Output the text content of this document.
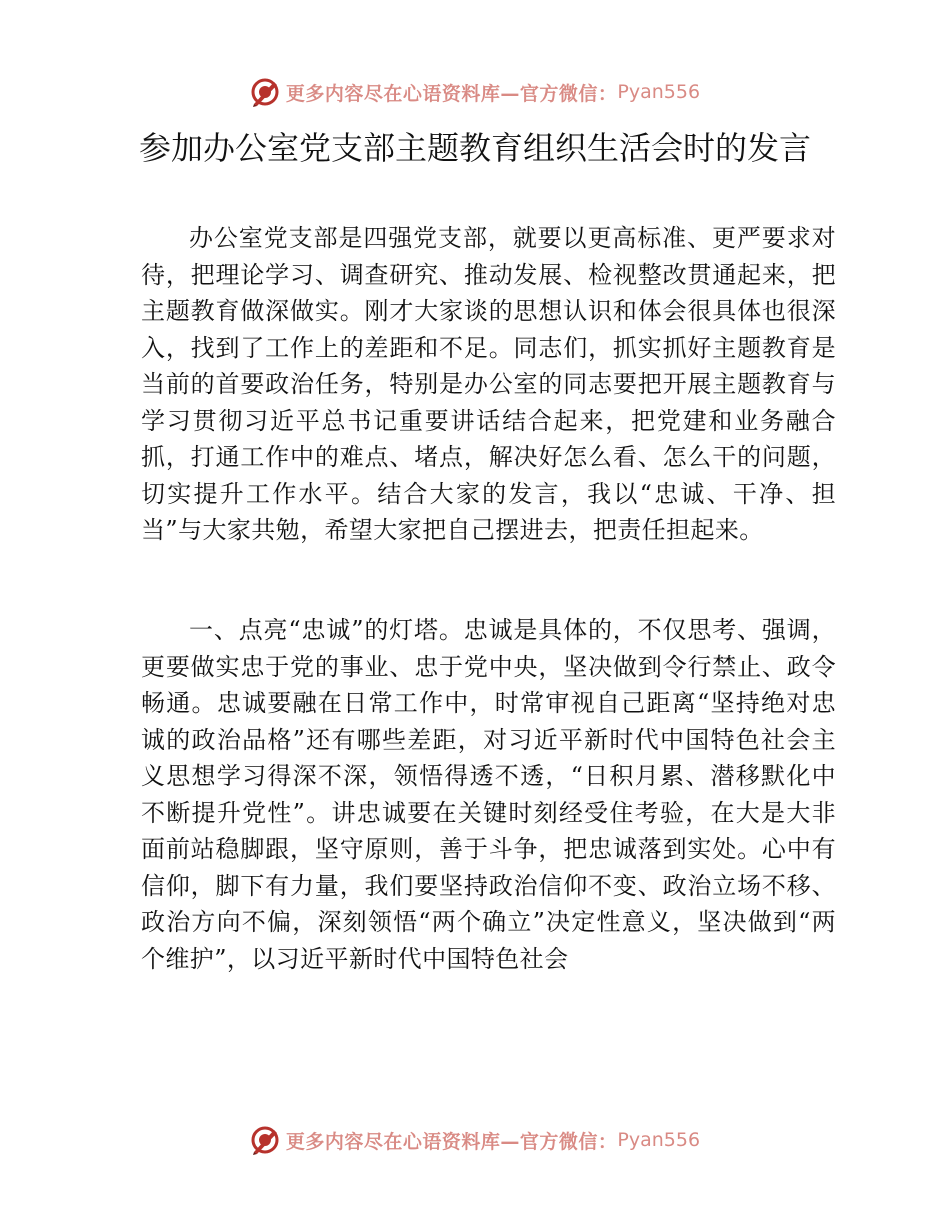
更多内容尽在心语资料库—官方微信： Pyan556
参加办公室党支部主题教育组织生活会时的发言

办公室党支部是四强党支部，就要以更高标准、更严要求对待，把理论学习、调查研究、推动发展、检视整改贯通起来，把主题教育做深做实。刚才大家谈的思想认识和体会很具体也很深入，找到了工作上的差距和不足。同志们，抓实抓好主题教育是当前的首要政治任务，特别是办公室的同志要把开展主题教育与学习贯彻习近平总书记重要讲话结合起来，把党建和业务融合抓，打通工作中的难点、堵点，解决好怎么看、怎么干的问题，切实提升工作水平。结合大家的发言，我以“忠诚、干净、担当”与大家共勉，希望大家把自己摆进去，把责任担起来。

一、点亮“忠诚”的灯塔。忠诚是具体的，不仅思考、强调，更要做实忠于党的事业、忠于党中央，坚决做到令行禁止、政令畅通。忠诚要融在日常工作中，时常审视自己距离“坚持绝对忠诚的政治品格”还有哪些差距，对习近平新时代中国特色社会主义思想学习得深不深，领悟得透不透，“日积月累、潜移默化中不断提升党性”。讲忠诚要在关键时刻经受住考验，在大是大非面前站稳脚跟，坚守原则，善于斗争，把忠诚落到实处。心中有信仰，脚下有力量，我们要坚持政治信仰不变、政治立场不移、政治方向不偏，深刻领悟“两个确立”决定性意义，坚决做到“两个维护”，以习近平新时代中国特色社会

更多内容尽在心语资料库—官方微信： Pyan556
